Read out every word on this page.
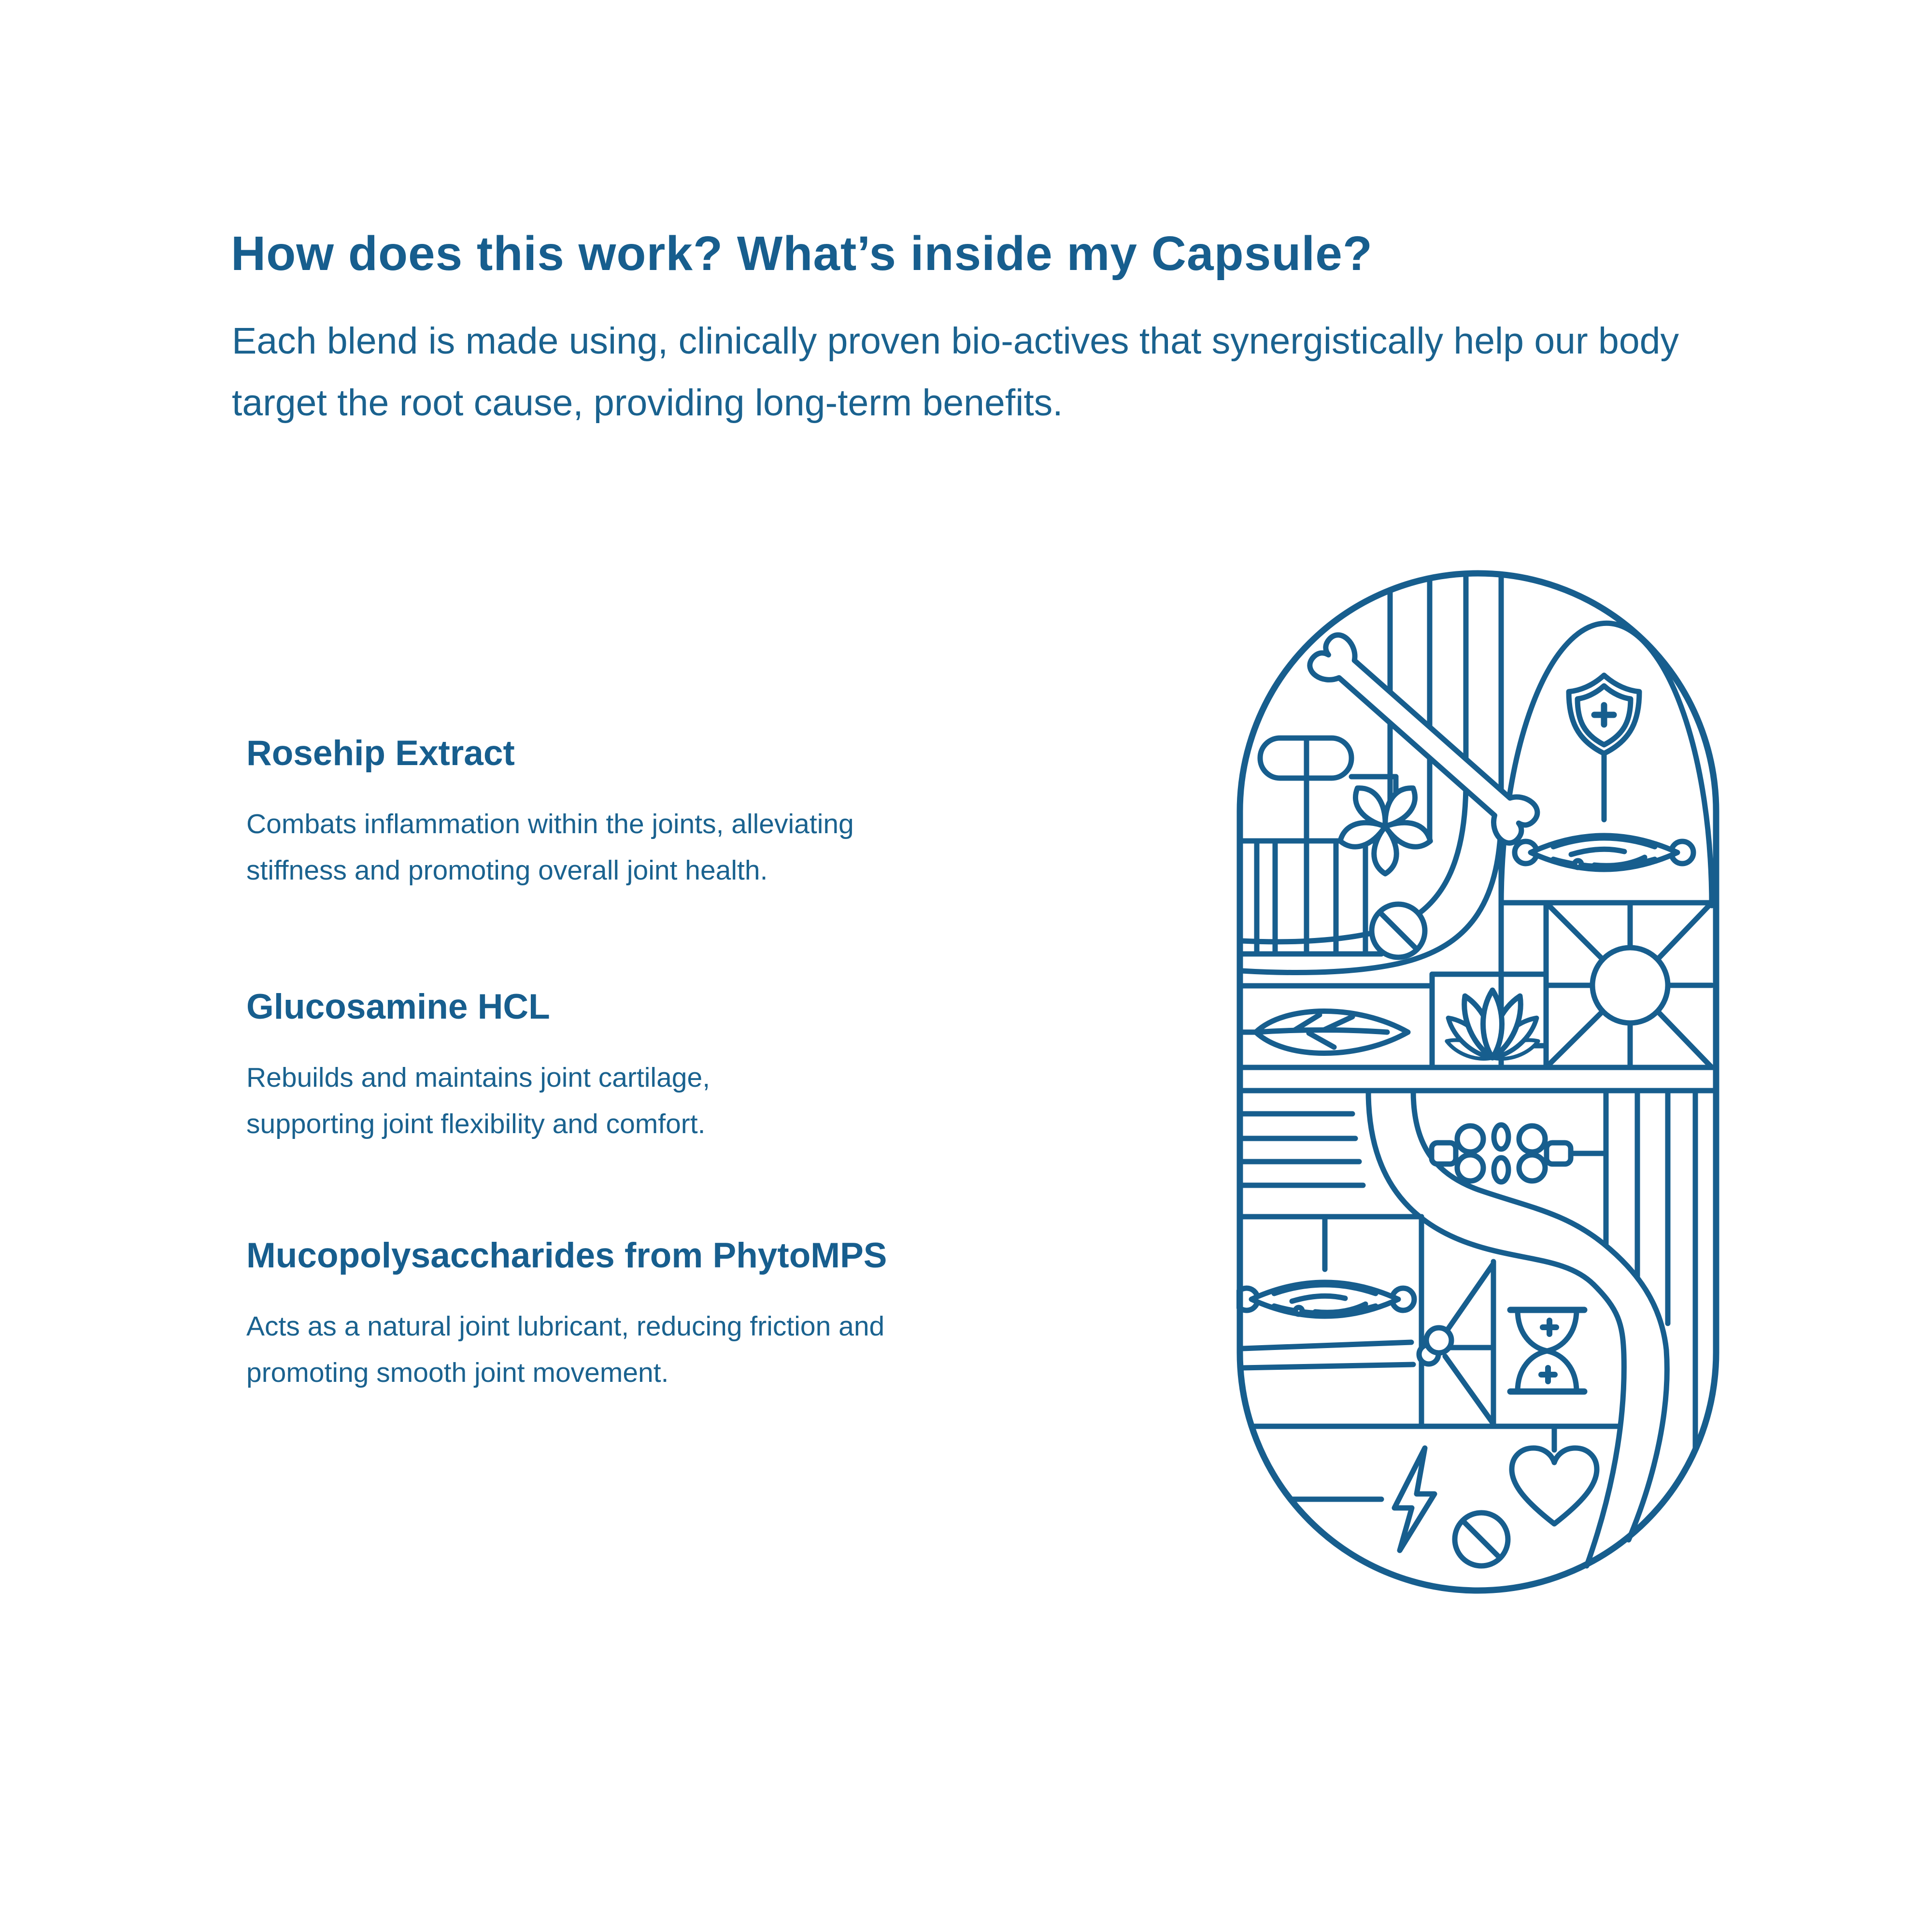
How does this work? What’s inside my Capsule?
Each blend is made using, clinically proven bio-actives that synergistically help our body target the root cause, providing long-term benefits.
Rosehip Extract

Combats inflammation within the joints, alleviating stiffness and promoting overall joint health.

Glucosamine HCL

Rebuilds and maintains joint cartilage, supporting joint flexibility and comfort.

Mucopolysaccharides from PhytoMPS

Acts as a natural joint lubricant, reducing friction and promoting smooth joint movement.
